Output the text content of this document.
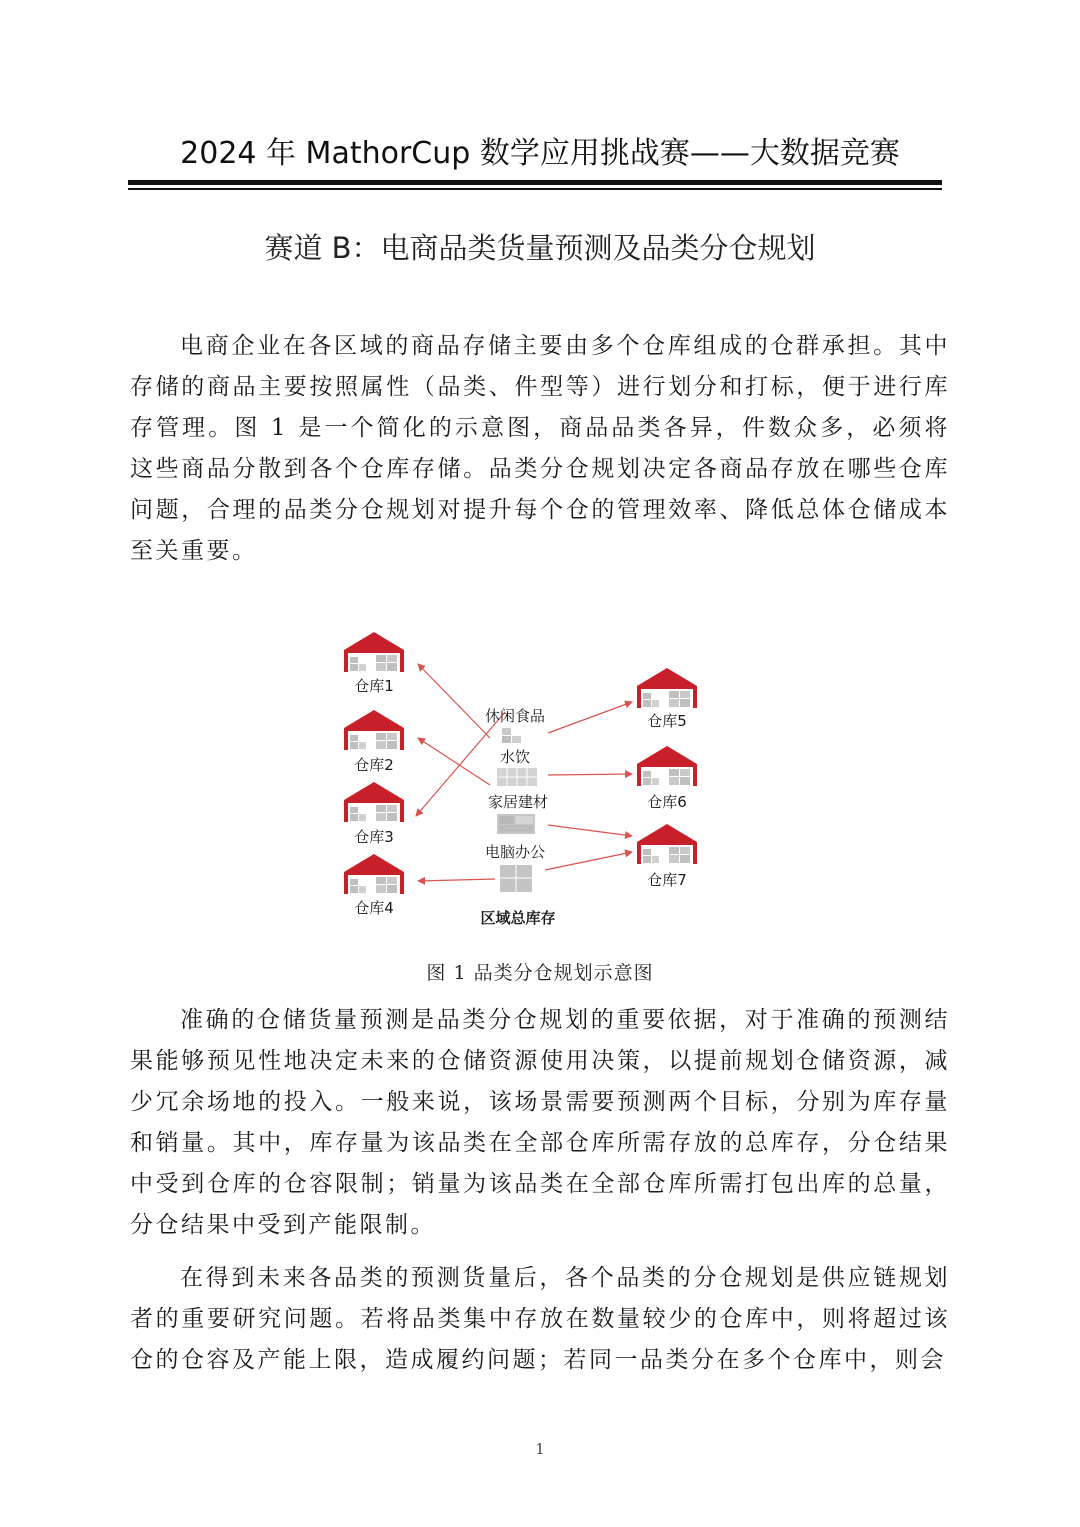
2024 年 MathorCup 数学应用挑战赛——大数据竞赛
赛道 B：电商品类货量预测及品类分仓规划

电商企业在各区域的商品存储主要由多个仓库组成的仓群承担。其中存储的商品主要按照属性（品类、件型等）进行划分和打标，便于进行库存管理。图 1 是一个简化的示意图，商品品类各异，件数众多，必须将这些商品分散到各个仓库存储。品类分仓规划决定各商品存放在哪些仓库问题，合理的品类分仓规划对提升每个仓的管理效率、降低总体仓储成本至关重要。

仓库1
仓库2
仓库3
仓库4
仓库5
仓库6
仓库7
休闲食品
水饮
家居建材
电脑办公
区域总库存
图 1 品类分仓规划示意图

准确的仓储货量预测是品类分仓规划的重要依据，对于准确的预测结果能够预见性地决定未来的仓储资源使用决策，以提前规划仓储资源，减少冗余场地的投入。一般来说，该场景需要预测两个目标，分别为库存量和销量。其中，库存量为该品类在全部仓库所需存放的总库存，分仓结果中受到仓库的仓容限制；销量为该品类在全部仓库所需打包出库的总量，分仓结果中受到产能限制。

在得到未来各品类的预测货量后，各个品类的分仓规划是供应链规划者的重要研究问题。若将品类集中存放在数量较少的仓库中，则将超过该仓的仓容及产能上限，造成履约问题；若同一品类分在多个仓库中，则会

1
